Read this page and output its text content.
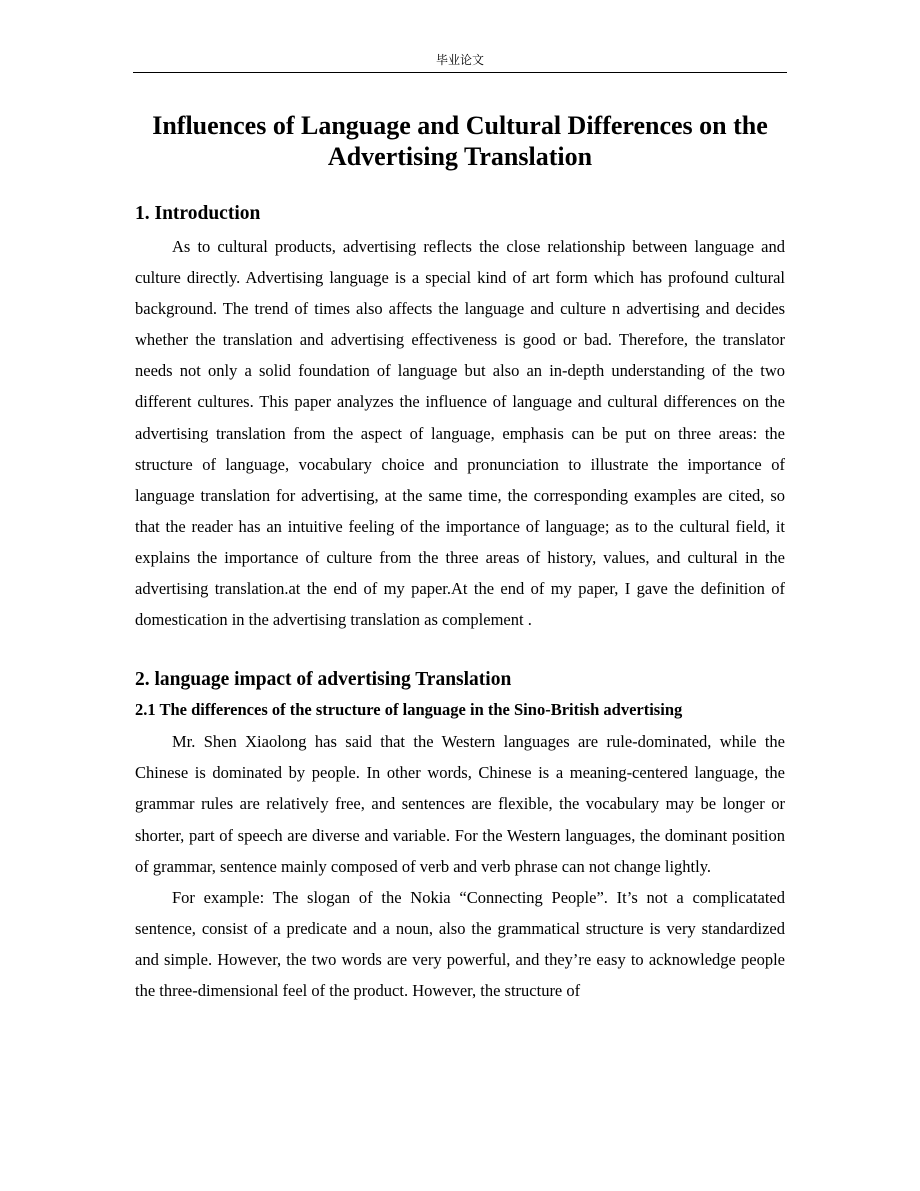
毕业论文
Influences of Language and Cultural Differences on the
Advertising Translation
1. Introduction

As to cultural products, advertising reflects the close relationship between language and culture directly. Advertising language is a special kind of art form which has profound cultural background. The trend of times also affects the language and culture n advertising and decides whether the translation and advertising effectiveness is good or bad. Therefore, the translator needs not only a solid foundation of language but also an in-depth understanding of the two different cultures. This paper analyzes the influence of language and cultural differences on the advertising translation from the aspect of language, emphasis can be put on three areas: the structure of language, vocabulary choice and pronunciation to illustrate the importance of language translation for advertising, at the same time, the corresponding examples are cited, so that the reader has an intuitive feeling of the importance of language; as to the cultural field, it explains the importance of culture from the three areas of history, values, and cultural in the advertising translation.at the end of my paper.At the end of my paper, I gave the definition of domestication in the advertising translation as complement .

2. language impact of advertising Translation
2.1 The differences of the structure of language in the Sino-British advertising

Mr. Shen Xiaolong has said that the Western languages are rule-dominated, while the Chinese is dominated by people. In other words, Chinese is a meaning-centered language, the grammar rules are relatively free, and sentences are flexible, the vocabulary may be longer or shorter, part of speech are diverse and variable. For the Western languages, the dominant position of grammar, sentence mainly composed of verb and verb phrase can not change lightly.

For example: The slogan of the Nokia “Connecting People”. It’s not a complicatated sentence, consist of a predicate and a noun, also the grammatical structure is very standardized and simple. However, the two words are very powerful, and they’re easy to acknowledge people the three-dimensional feel of the product. However, the structure of
